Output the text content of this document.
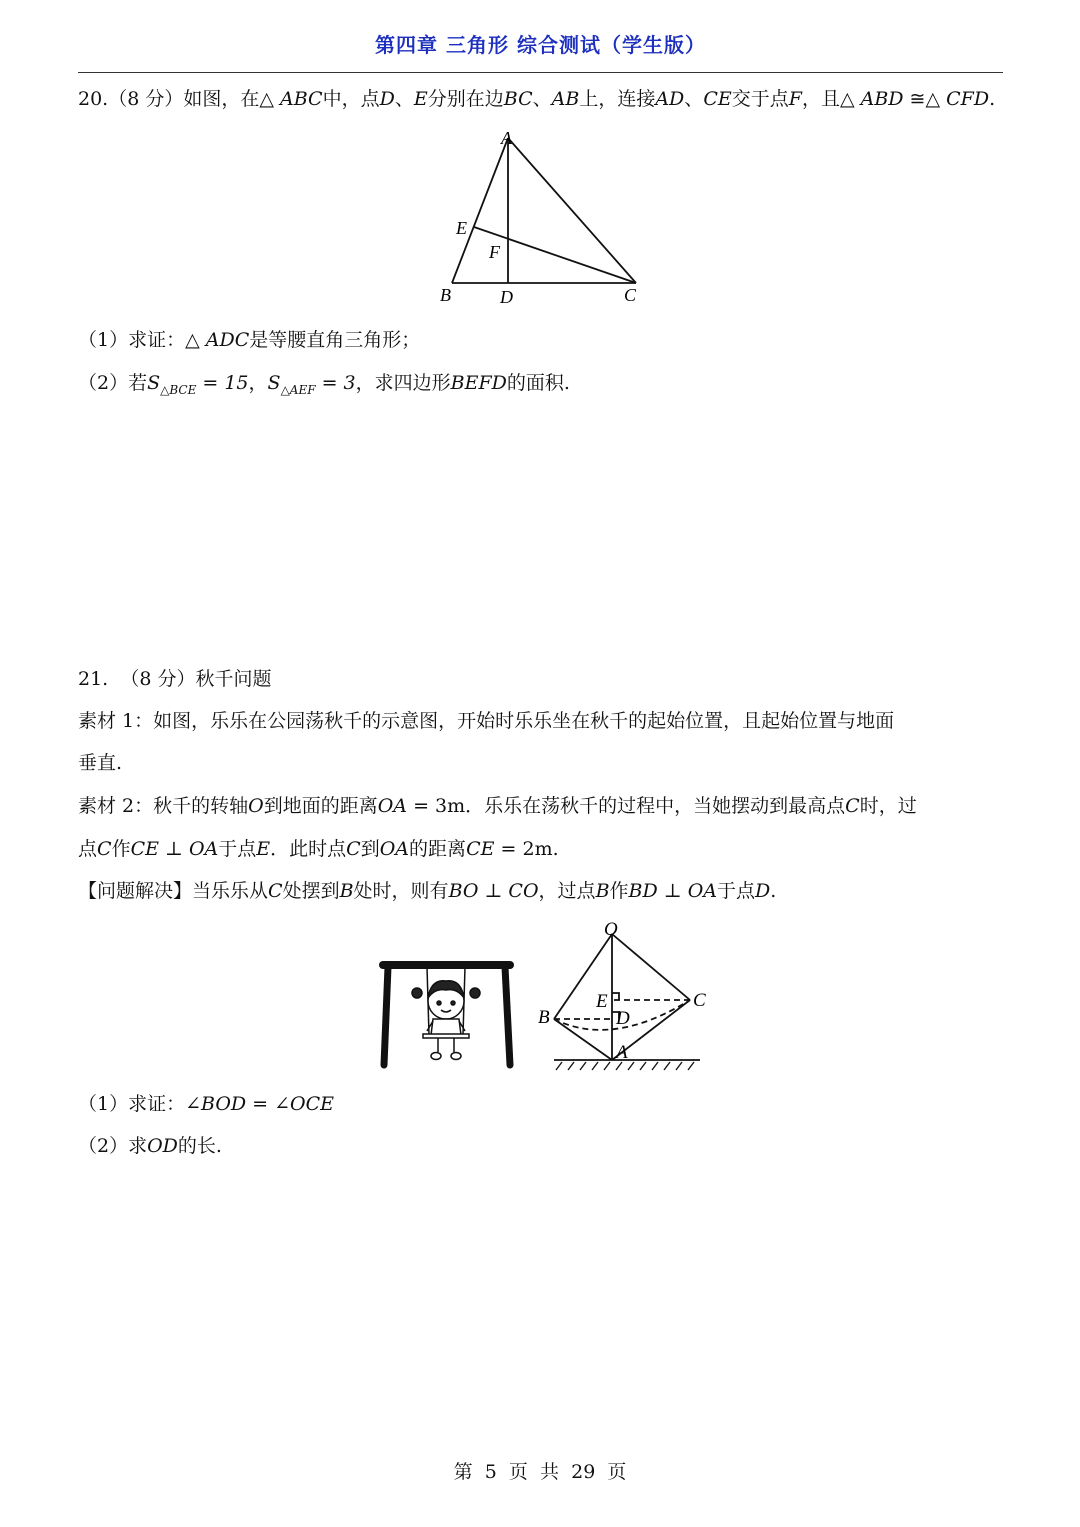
第四章 三角形 综合测试（学生版）
20.（8 分）如图，在△ ABC中，点D、E分别在边BC、AB上，连接AD、CE交于点F，且△ ABD ≅△ CFD.
A
E
F
B	D	C
（1）求证：△ ADC是等腰直角三角形；
（2）若$S_{\triangle BCE} = 15$，$S_{\triangle AEF} = 3$，求四边形BEFD的面积.
21. （8 分）秋千问题
素材 1：如图，乐乐在公园荡秋千的示意图，开始时乐乐坐在秋千的起始位置，且起始位置与地面
垂直.
素材 2：秋千的转轴O到地面的距离OA = 3m．乐乐在荡秋千的过程中，当她摆动到最高点C时，过
点C作CE ⊥ OA于点E．此时点C到OA的距离CE = 2m.
【问题解决】当乐乐从C处摆到B处时，则有BO ⊥ CO，过点B作BD ⊥ OA于点D.
O
C
E
B	D
A
（1）求证：∠BOD = ∠OCE
（2）求OD的长.
第 5 页 共 29 页
